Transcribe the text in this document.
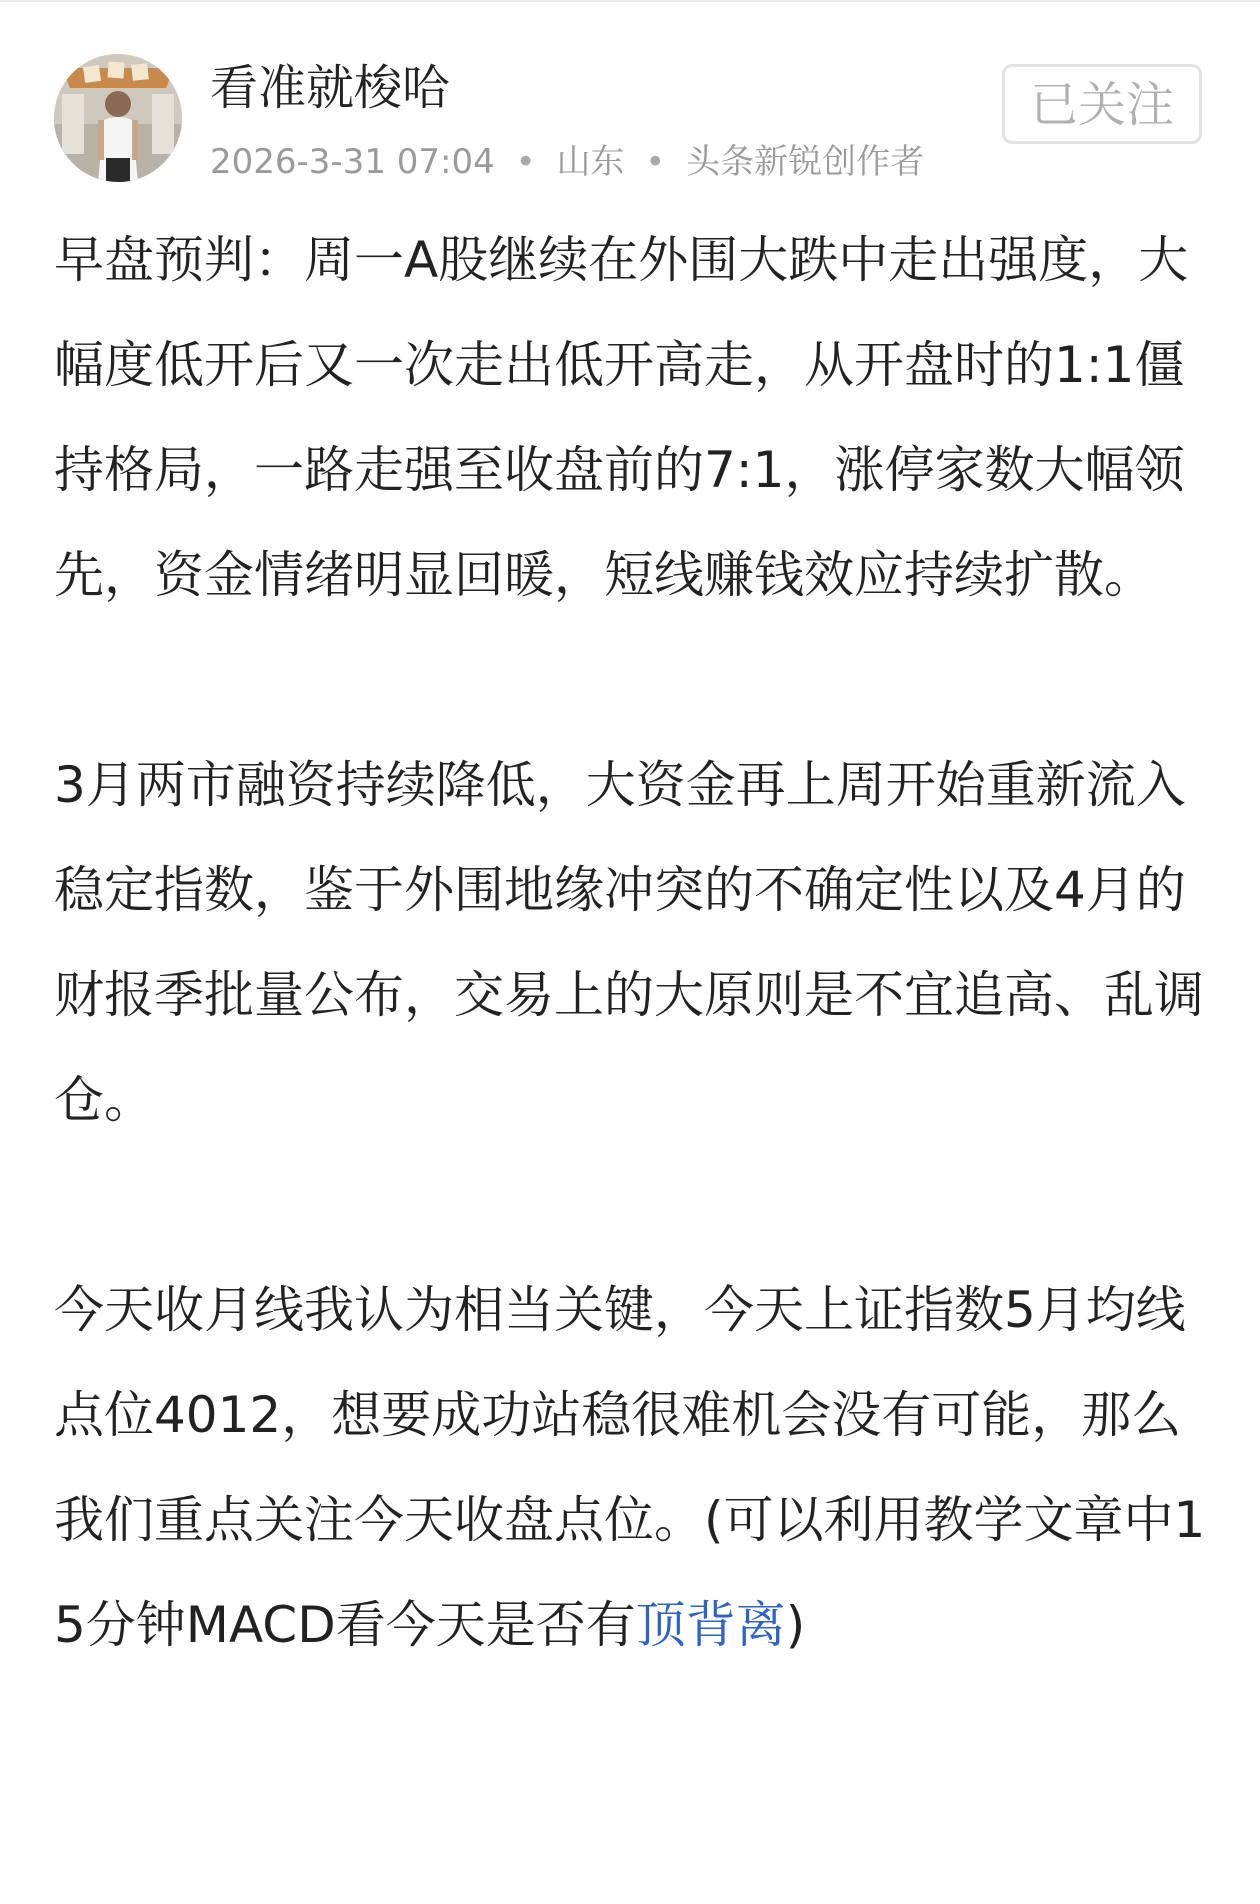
看准就梭哈
2026-3-31 07:04 • 山东 • 头条新锐创作者
已关注

早盘预判：周一A股继续在外围大跌中走出强度，大幅度低开后又一次走出低开高走，从开盘时的1:1僵持格局，一路走强至收盘前的7:1，涨停家数大幅领先，资金情绪明显回暖，短线赚钱效应持续扩散。

3月两市融资持续降低，大资金再上周开始重新流入稳定指数，鉴于外围地缘冲突的不确定性以及4月的财报季批量公布，交易上的大原则是不宜追高、乱调仓。

今天收月线我认为相当关键，今天上证指数5月均线点位4012，想要成功站稳很难机会没有可能，那么我们重点关注今天收盘点位。(可以利用教学文章中15分钟MACD看今天是否有顶背离)
